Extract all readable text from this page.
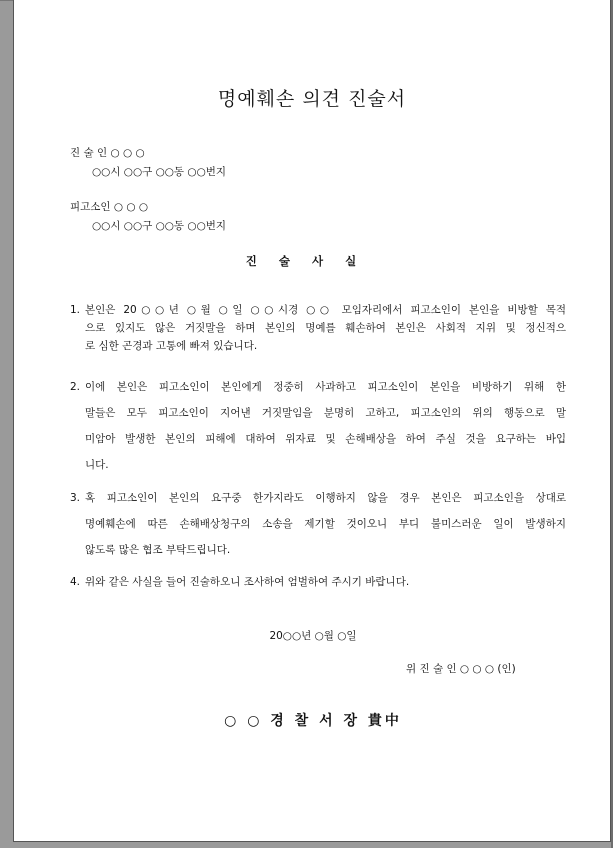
명예훼손 의견 진술서
진 술 인 ○ ○ ○
○○시 ○○구 ○○동 ○○번지
피고소인 ○ ○ ○
○○시 ○○구 ○○동 ○○번지
진술사실
1. 본인은 20○○년 ○월 ○일 ○○시경 ○○ 모임자리에서 피고소인이 본인을 비방할 목적
으로 있지도 않은 거짓말을 하며 본인의 명예를 훼손하여 본인은 사회적 지위 및 정신적으
로 심한 곤경과 고통에 빠져 있습니다.
2. 이에 본인은 피고소인이 본인에게 정중히 사과하고 피고소인이 본인을 비방하기 위해 한
말들은 모두 피고소인이 지어낸 거짓말임을 분명히 고하고, 피고소인의 위의 행동으로 말
미암아 발생한 본인의 피해에 대하여 위자료 및 손해배상을 하여 주실 것을 요구하는 바입
니다.
3. 혹 피고소인이 본인의 요구중 한가지라도 이행하지 않을 경우 본인은 피고소인을 상대로
명예훼손에 따른 손해배상청구의 소송을 제기할 것이오니 부디 불미스러운 일이 발생하지
않도록 많은 협조 부탁드립니다.
4. 위와 같은 사실을 들어 진술하오니 조사하여 엄벌하여 주시기 바랍니다.
20○○년 ○월 ○일
위 진 술 인 ○ ○ ○ (인)
○ ○ 경 찰 서 장 貴中
